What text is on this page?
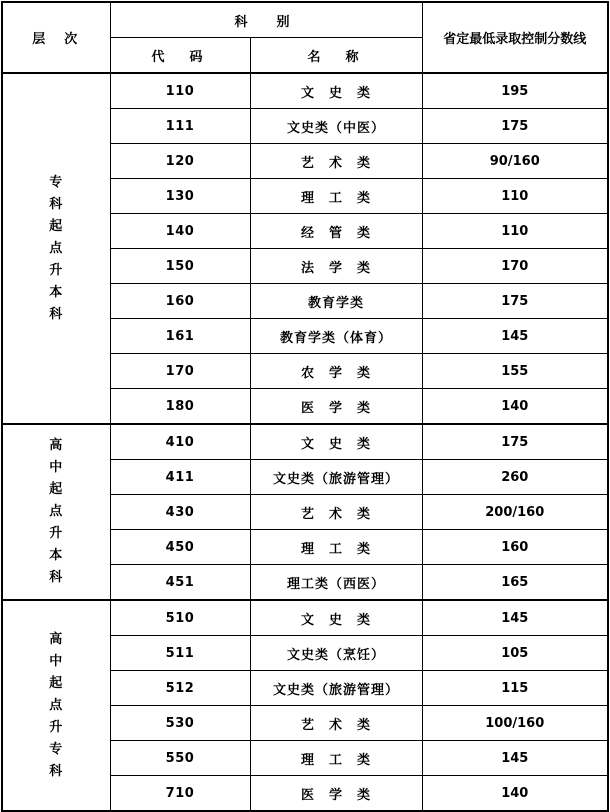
层　次	科　别		省定最低录取控制分数线
	代　码	名　称	

专科起点升本科	110	文　史　类	195
	111	文史类（中医）	175
	120	艺　术　类	90/160
	130	理　工　类	110
	140	经　管　类	110
	150	法　学　类	170
	160	教育学类	175
	161	教育学类（体育）	145
	170	农　学　类	155
	180	医　学　类	140

高中起点升本科	410	文　史　类	175
	411	文史类（旅游管理）	260
	430	艺　术　类	200/160
	450	理　工　类	160
	451	理工类（西医）	165

高中起点升专科	510	文　史　类	145
	511	文史类（烹饪）	105
	512	文史类（旅游管理）	115
	530	艺　术　类	100/160
	550	理　工　类	145
	710	医　学　类	140
